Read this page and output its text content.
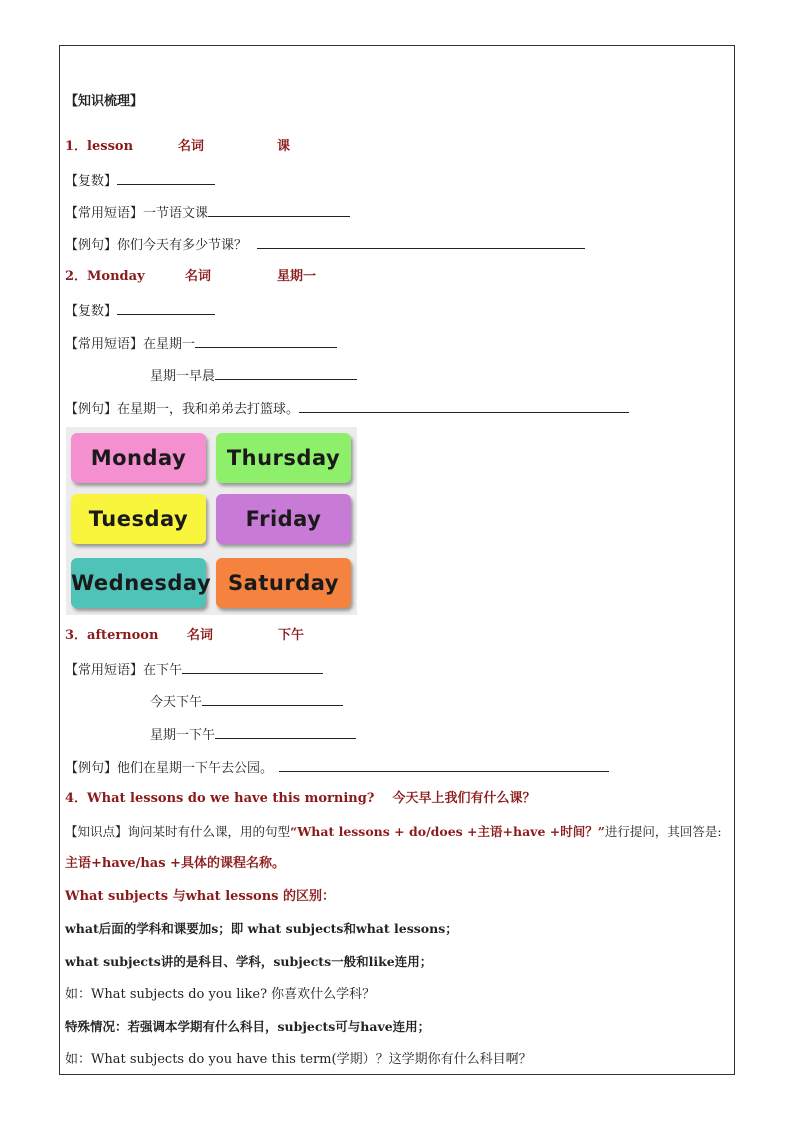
【知识梳理】
1．lesson	名词	课
【复数】
【常用短语】一节语文课
【例句】你们今天有多少节课？
2．Monday	名词	星期一
【复数】
【常用短语】在星期一
星期一早晨
【例句】在星期一，我和弟弟去打篮球。
Monday	Thursday
Tuesday	Friday
Wednesday Saturday
3．afternoon 名词	下午
【常用短语】在下午
今天下午
星期一下午
【例句】他们在星期一下午去公园。
4．What lessons do we have this morning? 今天早上我们有什么课？
【知识点】询问某时有什么课，用的句型“What lessons + do/does +主语+have +时间？”进行提问，其回答是:
主语+have/has +具体的课程名称。
What subjects 与what lessons 的区别：
what后面的学科和课要加s；即 what subjects和what lessons；
what subjects讲的是科目、学科，subjects一般和like连用；
如：What subjects do you like? 你喜欢什么学科？
特殊情况：若强调本学期有什么科目，subjects可与have连用；
如：What subjects do you have this term(学期）？这学期你有什么科目啊？
